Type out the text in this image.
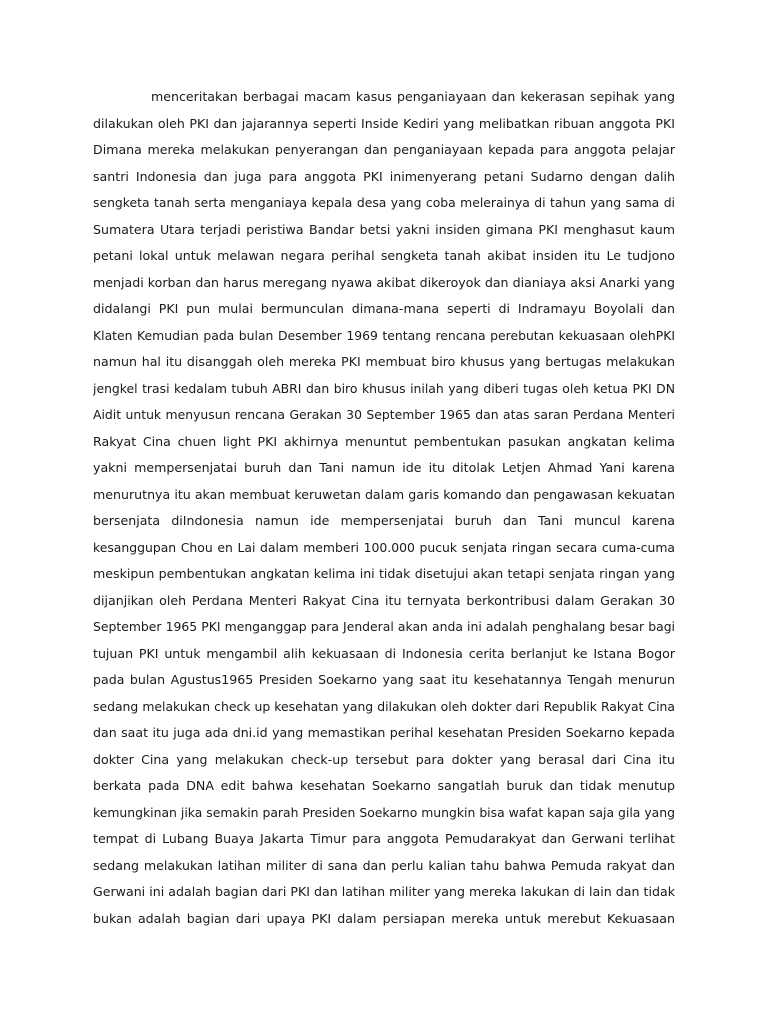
menceritakan berbagai macam kasus penganiayaan dan kekerasan sepihak yang
dilakukan oleh PKI dan jajarannya seperti Inside Kediri yang melibatkan ribuan anggota PKI
Dimana mereka melakukan penyerangan dan penganiayaan kepada para anggota pelajar
santri Indonesia dan juga para anggota PKI inimenyerang petani Sudarno dengan dalih
sengketa tanah serta menganiaya kepala desa yang coba melerainya di tahun yang sama di
Sumatera Utara terjadi peristiwa Bandar betsi yakni insiden gimana PKI menghasut kaum
petani lokal untuk melawan negara perihal sengketa tanah akibat insiden itu Le tudjono
menjadi korban dan harus meregang nyawa akibat dikeroyok dan dianiaya aksi Anarki yang
didalangi PKI pun mulai bermunculan dimana-mana seperti di Indramayu Boyolali dan
Klaten Kemudian pada bulan Desember 1969 tentang rencana perebutan kekuasaan olehPKI
namun hal itu disanggah oleh mereka PKI membuat biro khusus yang bertugas melakukan
jengkel trasi kedalam tubuh ABRI dan biro khusus inilah yang diberi tugas oleh ketua PKI DN
Aidit untuk menyusun rencana Gerakan 30 September 1965 dan atas saran Perdana Menteri
Rakyat Cina chuen light PKI akhirnya menuntut pembentukan pasukan angkatan kelima
yakni mempersenjatai buruh dan Tani namun ide itu ditolak Letjen Ahmad Yani karena
menurutnya itu akan membuat keruwetan dalam garis komando dan pengawasan kekuatan
bersenjata diIndonesia namun ide mempersenjatai buruh dan Tani muncul karena
kesanggupan Chou en Lai dalam memberi 100.000 pucuk senjata ringan secara cuma-cuma
meskipun pembentukan angkatan kelima ini tidak disetujui akan tetapi senjata ringan yang
dijanjikan oleh Perdana Menteri Rakyat Cina itu ternyata berkontribusi dalam Gerakan 30
September 1965 PKI menganggap para Jenderal akan anda ini adalah penghalang besar bagi
tujuan PKI untuk mengambil alih kekuasaan di Indonesia cerita berlanjut ke Istana Bogor
pada bulan Agustus1965 Presiden Soekarno yang saat itu kesehatannya Tengah menurun
sedang melakukan check up kesehatan yang dilakukan oleh dokter dari Republik Rakyat Cina
dan saat itu juga ada dni.id yang memastikan perihal kesehatan Presiden Soekarno kepada
dokter Cina yang melakukan check-up tersebut para dokter yang berasal dari Cina itu
berkata pada DNA edit bahwa kesehatan Soekarno sangatlah buruk dan tidak menutup
kemungkinan jika semakin parah Presiden Soekarno mungkin bisa wafat kapan saja gila yang
tempat di Lubang Buaya Jakarta Timur para anggota Pemudarakyat dan Gerwani terlihat
sedang melakukan latihan militer di sana dan perlu kalian tahu bahwa Pemuda rakyat dan
Gerwani ini adalah bagian dari PKI dan latihan militer yang mereka lakukan di lain dan tidak
bukan adalah bagian dari upaya PKI dalam persiapan mereka untuk merebut Kekuasaan
